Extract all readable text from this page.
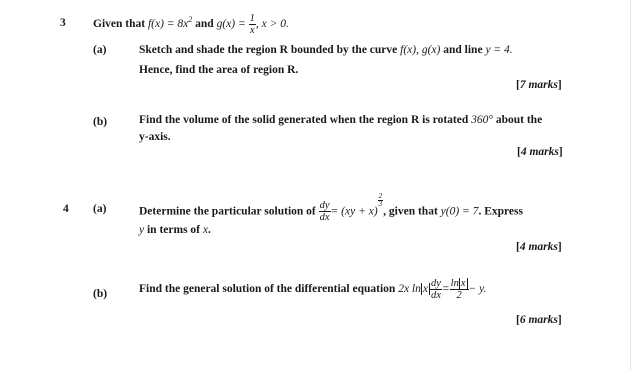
3 Given that $f(x) = 8x^2$ and $g(x) = \frac{1}{x}$ , x > 0.
(a)	Sketch and shade the region R bounded by the curve f(x), g(x) and line y = 4.
Hence, find the area of region R.
[7 marks]
(b)	Find the volume of the solid generated when the region R is rotated 360° about the
y-axis.
[4 marks]
4 (a)	Determine the particular solution of $\frac{dy}{dx} = (xy + x)$
$\frac{2}{3}$
, given that y(0) = 7. Express
y in terms of x.
[4 marks]
(b)	Find the general solution of the differential equation 2x ln x $\frac{dy}{dx} = \frac{\text{ln x}}{2} - y$.
[6 marks]
